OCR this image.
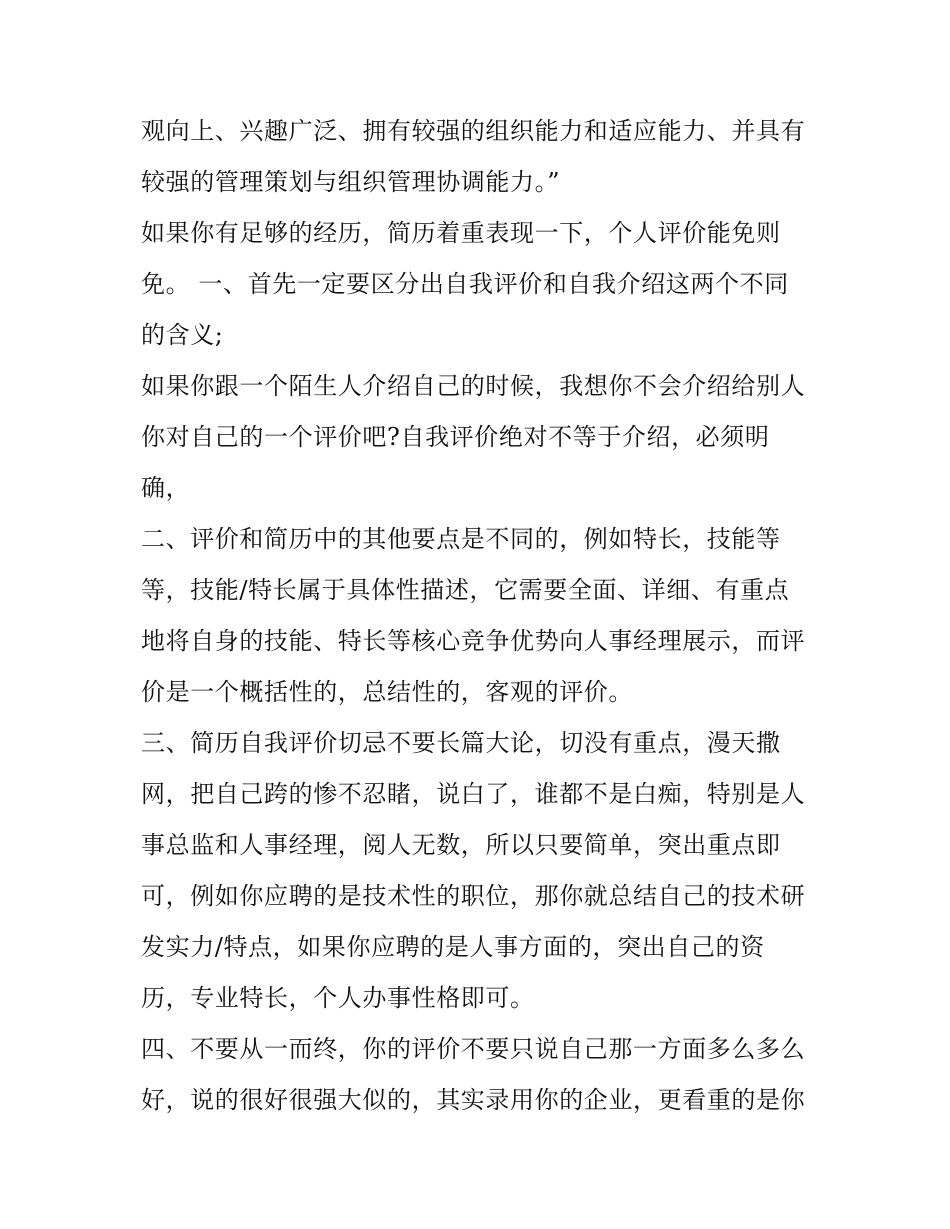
观向上、兴趣广泛、拥有较强的组织能力和适应能力、并具有
较强的管理策划与组织管理协调能力。”

如果你有足够的经历，简历着重表现一下，个人评价能免则
免。 一、首先一定要区分出自我评价和自我介绍这两个不同
的含义;

如果你跟一个陌生人介绍自己的时候，我想你不会介绍给别人
你对自己的一个评价吧?自我评价绝对不等于介绍，必须明
确，

二、评价和简历中的其他要点是不同的，例如特长，技能等
等，技能/特长属于具体性描述，它需要全面、详细、有重点
地将自身的技能、特长等核心竞争优势向人事经理展示，而评
价是一个概括性的，总结性的，客观的评价。

三、简历自我评价切忌不要长篇大论，切没有重点，漫天撒
网，把自己跨的惨不忍睹，说白了，谁都不是白痴，特别是人
事总监和人事经理，阅人无数，所以只要简单，突出重点即
可，例如你应聘的是技术性的职位，那你就总结自己的技术研
发实力/特点，如果你应聘的是人事方面的，突出自己的资
历，专业特长，个人办事性格即可。

四、不要从一而终，你的评价不要只说自己那一方面多么多么
好，说的很好很强大似的，其实录用你的企业，更看重的是你
